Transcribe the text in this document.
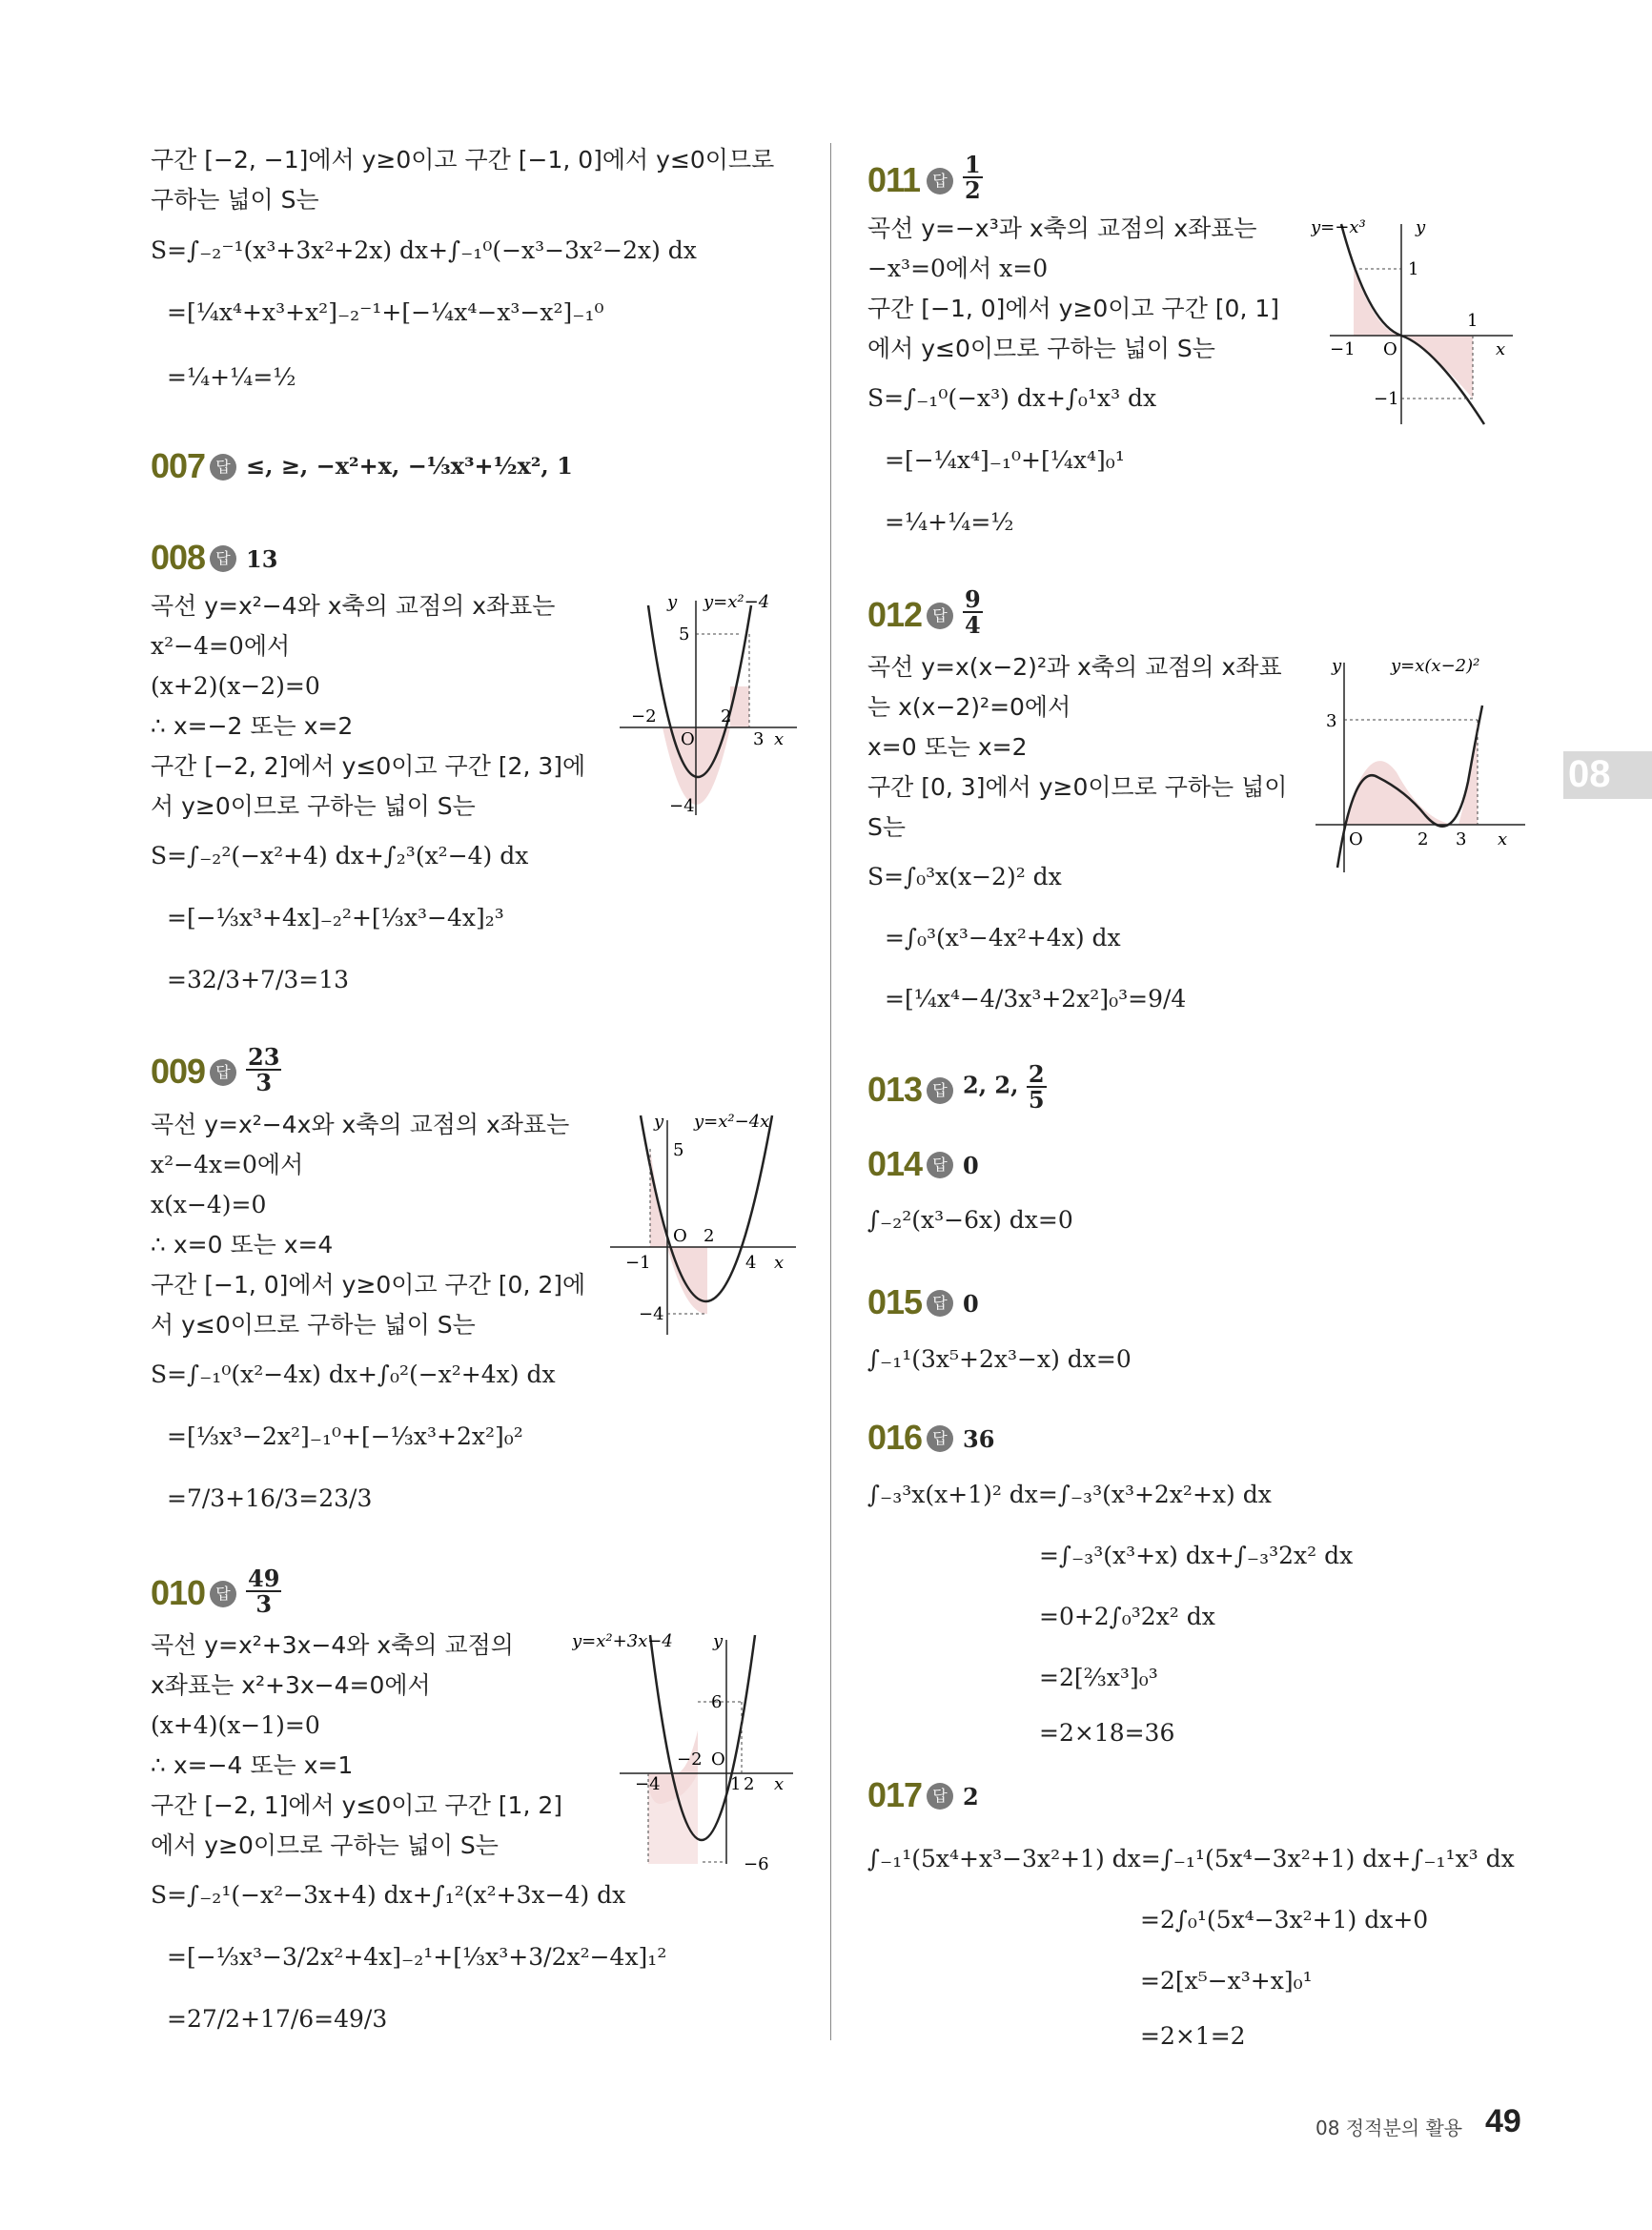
08
구간 [−2, −1]에서 y≥0이고 구간 [−1, 0]에서 y≤0이므로
구하는 넓이 S는
S=∫₋₂⁻¹(x³+3x²+2x) dx+∫₋₁⁰(−x³−3x²−2x) dx
=[¼x⁴+x³+x²]₋₂⁻¹+[−¼x⁴−x³−x²]₋₁⁰
=¼+¼=½
007 답 ≤, ≥, −x²+x, −⅓x³+½x², 1
008 답 13
곡선 y=x²−4와 x축의 교점의 x좌표는
x²−4=0에서
(x+2)(x−2)=0
∴ x=−2 또는 x=2
구간 [−2, 2]에서 y≤0이고 구간 [2, 3]에
서 y≥0이므로 구하는 넓이 S는
S=∫₋₂²(−x²+4) dx+∫₂³(x²−4) dx
=[−⅓x³+4x]₋₂²+[⅓x³−4x]₂³
=32/3+7/3=13
y y=x²−4
5
−2
O
2
3 x
−4
009 답 $\frac{23}{3}$
곡선 y=x²−4x와 x축의 교점의 x좌표는
x²−4x=0에서
x(x−4)=0
∴ x=0 또는 x=4
구간 [−1, 0]에서 y≥0이고 구간 [0, 2]에
서 y≤0이므로 구하는 넓이 S는
S=∫₋₁⁰(x²−4x) dx+∫₀²(−x²+4x) dx
=[⅓x³−2x²]₋₁⁰+[−⅓x³+2x²]₀²
=7/3+16/3=23/3
y y=x²−4x
5
−1
O 2
4 x
−4
010 답 $\frac{49}{3}$
곡선 y=x²+3x−4와 x축의 교점의
x좌표는 x²+3x−4=0에서
(x+4)(x−1)=0
∴ x=−4 또는 x=1
구간 [−2, 1]에서 y≤0이고 구간 [1, 2]
에서 y≥0이므로 구하는 넓이 S는
S=∫₋₂¹(−x²−3x+4) dx+∫₁²(x²+3x−4) dx
=[−⅓x³−3/2x²+4x]₋₂¹+[⅓x³+3/2x²−4x]₁²
=27/2+17/6=49/3
y=x²+3x−4 y
6
−2 O
−4	1 2 x
−6
011 답 $\frac{1}{2}$
곡선 y=−x³과 x축의 교점의 x좌표는
−x³=0에서 x=0
구간 [−1, 0]에서 y≥0이고 구간 [0, 1]
에서 y≤0이므로 구하는 넓이 S는
S=∫₋₁⁰(−x³) dx+∫₀¹x³ dx
=[−¼x⁴]₋₁⁰+[¼x⁴]₀¹
=¼+¼=½
y
y=−x³
1
1
−1 O	x
−1
012 답 $\frac{9}{4}$
곡선 y=x(x−2)²과 x축의 교점의 x좌표
는 x(x−2)²=0에서
x=0 또는 x=2
구간 [0, 3]에서 y≥0이므로 구하는 넓이
S는
S=∫₀³x(x−2)² dx
=∫₀³(x³−4x²+4x) dx
=[¼x⁴−4/3x³+2x²]₀³=9/4
y	y=x(x−2)²
3
O	2 3 x
013 답 2, 2, $\frac{2}{5}$
014 답 0
∫₋₂²(x³−6x) dx=0
015 답 0
∫₋₁¹(3x⁵+2x³−x) dx=0
016 답 36
∫₋₃³x(x+1)² dx=∫₋₃³(x³+2x²+x) dx
=∫₋₃³(x³+x) dx+∫₋₃³2x² dx
=0+2∫₀³2x² dx
=2[⅔x³]₀³
=2×18=36
017 답 2
∫₋₁¹(5x⁴+x³−3x²+1) dx=∫₋₁¹(5x⁴−3x²+1) dx+∫₋₁¹x³ dx
=2∫₀¹(5x⁴−3x²+1) dx+0
=2[x⁵−x³+x]₀¹
=2×1=2
08 정적분의 활용 49
